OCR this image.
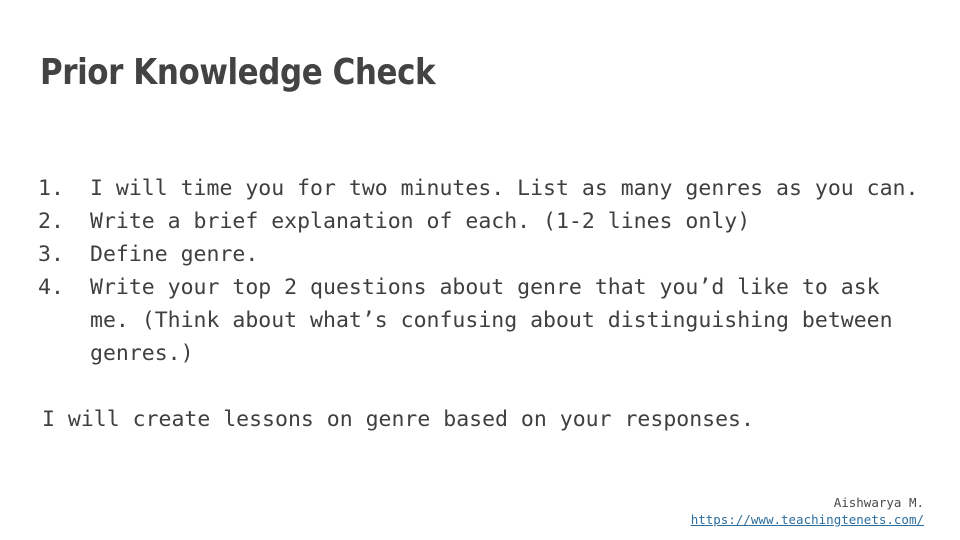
Prior Knowledge Check
1.	I will time you for two minutes. List as many genres as you can.
2.	Write a brief explanation of each. (1-2 lines only)
3.	Define genre.
4.	Write your top 2 questions about genre that you’d like to ask me. (Think about what’s confusing about distinguishing between genres.)
I will create lessons on genre based on your responses.
Aishwarya M.
https://www.teachingtenets.com/
